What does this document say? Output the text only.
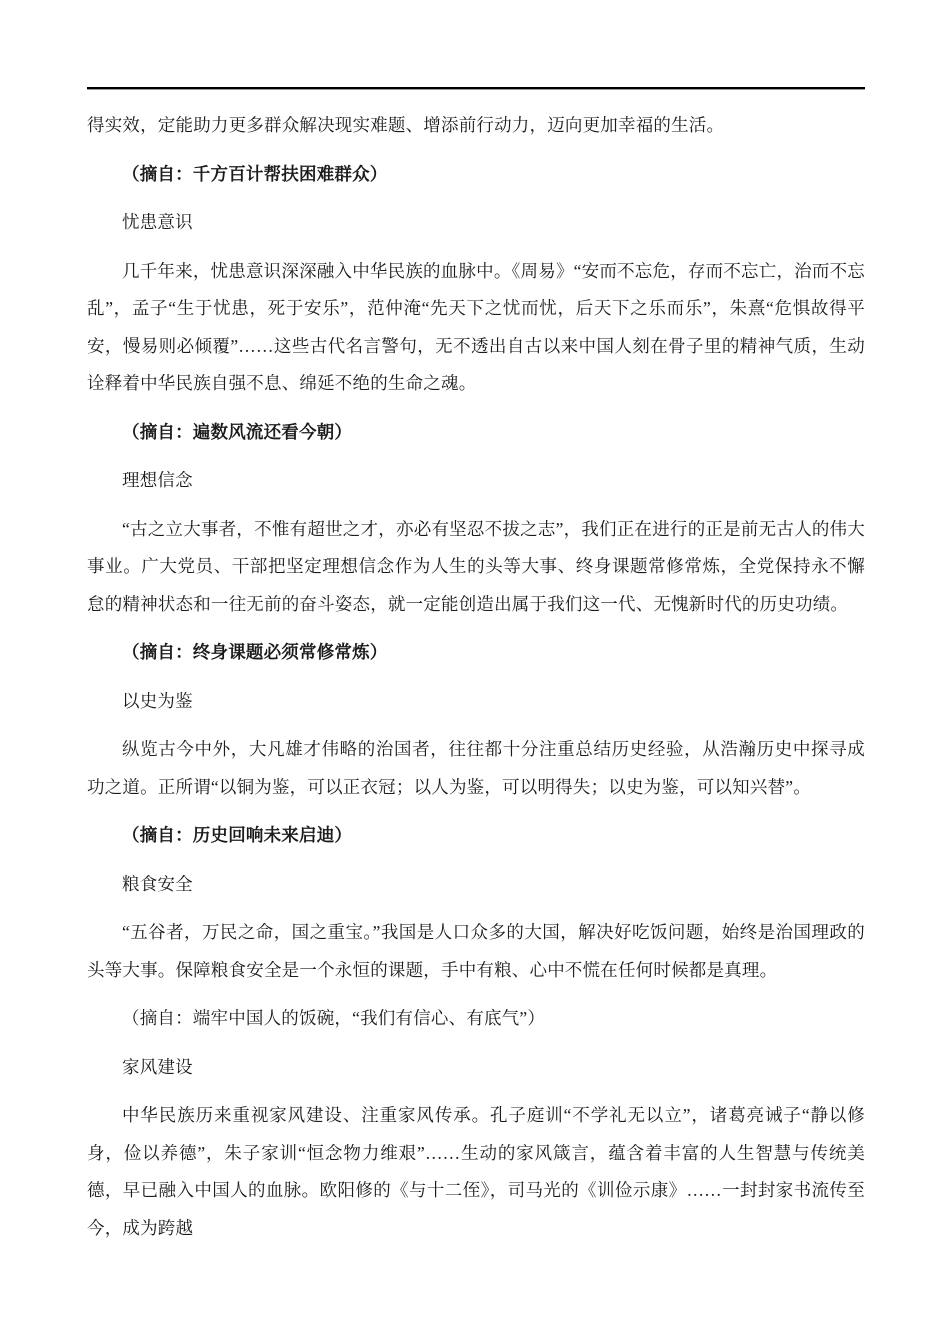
得实效，定能助力更多群众解决现实难题、增添前行动力，迈向更加幸福的生活。

（摘自：千方百计帮扶困难群众）

忧患意识

几千年来，忧患意识深深融入中华民族的血脉中。《周易》“安而不忘危，存而不忘亡，治而不忘乱”，孟子“生于忧患，死于安乐”，范仲淹“先天下之忧而忧，后天下之乐而乐”，朱熹“危惧故得平安，慢易则必倾覆”……这些古代名言警句，无不透出自古以来中国人刻在骨子里的精神气质，生动诠释着中华民族自强不息、绵延不绝的生命之魂。

（摘自：遍数风流还看今朝）

理想信念

“古之立大事者，不惟有超世之才，亦必有坚忍不拔之志”，我们正在进行的正是前无古人的伟大事业。广大党员、干部把坚定理想信念作为人生的头等大事、终身课题常修常炼，全党保持永不懈怠的精神状态和一往无前的奋斗姿态，就一定能创造出属于我们这一代、无愧新时代的历史功绩。

（摘自：终身课题必须常修常炼）

以史为鉴

纵览古今中外，大凡雄才伟略的治国者，往往都十分注重总结历史经验，从浩瀚历史中探寻成功之道。正所谓“以铜为鉴，可以正衣冠；以人为鉴，可以明得失；以史为鉴，可以知兴替”。

（摘自：历史回响未来启迪）

粮食安全

“五谷者，万民之命，国之重宝。”我国是人口众多的大国，解决好吃饭问题，始终是治国理政的头等大事。保障粮食安全是一个永恒的课题，手中有粮、心中不慌在任何时候都是真理。

（摘自：端牢中国人的饭碗，“我们有信心、有底气”）

家风建设

中华民族历来重视家风建设、注重家风传承。孔子庭训“不学礼无以立”，诸葛亮诫子“静以修身，俭以养德”，朱子家训“恒念物力维艰”……生动的家风箴言，蕴含着丰富的人生智慧与传统美德，早已融入中国人的血脉。欧阳修的《与十二侄》，司马光的《训俭示康》……一封封家书流传至今，成为跨越
